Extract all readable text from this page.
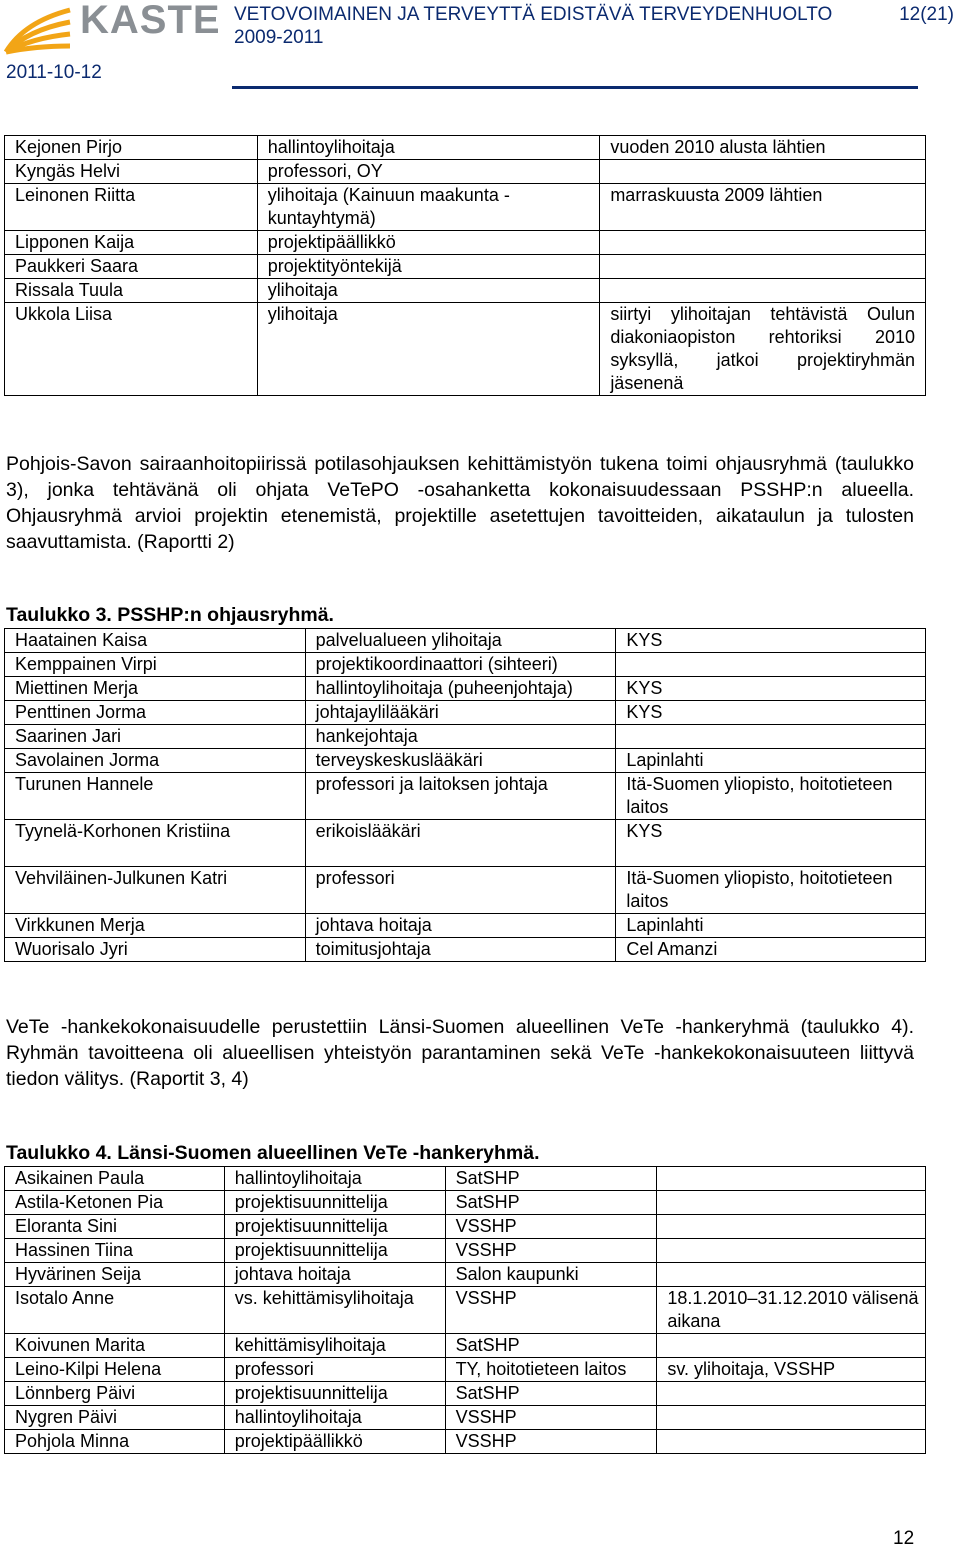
KASTE VETOVOIMAINEN JA TERVEYTTÄ EDISTÄVÄ TERVEYDENHUOLTO
2009-2011
12(21)
2011-10-12
Kejonen Pirjo	hallintoylihoitaja	vuoden 2010 alusta lähtien
Kyngäs Helvi	professori, OY	
Leinonen Riitta	ylihoitaja (Kainuun maakunta - kuntayhtymä)	marraskuusta 2009 lähtien
Lipponen Kaija	projektipäällikkö	
Paukkeri Saara	projektityöntekijä	
Rissala Tuula	ylihoitaja	
Ukkola Liisa	ylihoitaja	siirtyi ylihoitajan tehtävistä Oulun diakoniaopiston rehtoriksi 2010 syksyllä, jatkoi projektiryhmän jäsenenä
Pohjois-Savon sairaanhoitopiirissä potilasohjauksen kehittämistyön tukena toimi ohjausryhmä (taulukko 3), jonka tehtävänä oli ohjata VeTePO -osahanketta kokonaisuudessaan PSSHP:n alueella. Ohjausryhmä arvioi projektin etenemistä, projektille asetettujen tavoitteiden, aikataulun ja tulosten saavuttamista. (Raportti 2)
Taulukko 3. PSSHP:n ohjausryhmä.
Haatainen Kaisa	palvelualueen ylihoitaja	KYS
Kemppainen Virpi	projektikoordinaattori (sihteeri)	
Miettinen Merja	hallintoylihoitaja (puheenjohtaja)	KYS
Penttinen Jorma	johtajaylilääkäri	KYS
Saarinen Jari	hankejohtaja	
Savolainen Jorma	terveyskeskuslääkäri	Lapinlahti
Turunen Hannele	professori ja laitoksen johtaja	Itä-Suomen yliopisto, hoitotieteen laitos
Tyynelä-Korhonen Kristiina	erikoislääkäri	KYS
Vehviläinen-Julkunen Katri	professori	Itä-Suomen yliopisto, hoitotieteen laitos
Virkkunen Merja	johtava hoitaja	Lapinlahti
Wuorisalo Jyri	toimitusjohtaja	Cel Amanzi
VeTe -hankekokonaisuudelle perustettiin Länsi-Suomen alueellinen VeTe -hankeryhmä (taulukko 4). Ryhmän tavoitteena oli alueellisen yhteistyön parantaminen sekä VeTe -hankekokonaisuuteen liittyvä tiedon välitys. (Raportit 3, 4)
Taulukko 4. Länsi-Suomen alueellinen VeTe -hankeryhmä.
Asikainen Paula	hallintoylihoitaja	SatSHP	
Astila-Ketonen Pia	projektisuunnittelija	SatSHP	
Eloranta Sini	projektisuunnittelija	VSSHP	
Hassinen Tiina	projektisuunnittelija	VSSHP	
Hyvärinen Seija	johtava hoitaja	Salon kaupunki	
Isotalo Anne	vs. kehittämisylihoitaja	VSSHP	18.1.2010–31.12.2010 välisenä aikana
Koivunen Marita	kehittämisylihoitaja	SatSHP	
Leino-Kilpi Helena	professori	TY, hoitotieteen laitos	sv. ylihoitaja, VSSHP
Lönnberg Päivi	projektisuunnittelija	SatSHP	
Nygren Päivi	hallintoylihoitaja	VSSHP	
Pohjola Minna	projektipäällikkö	VSSHP	
12
